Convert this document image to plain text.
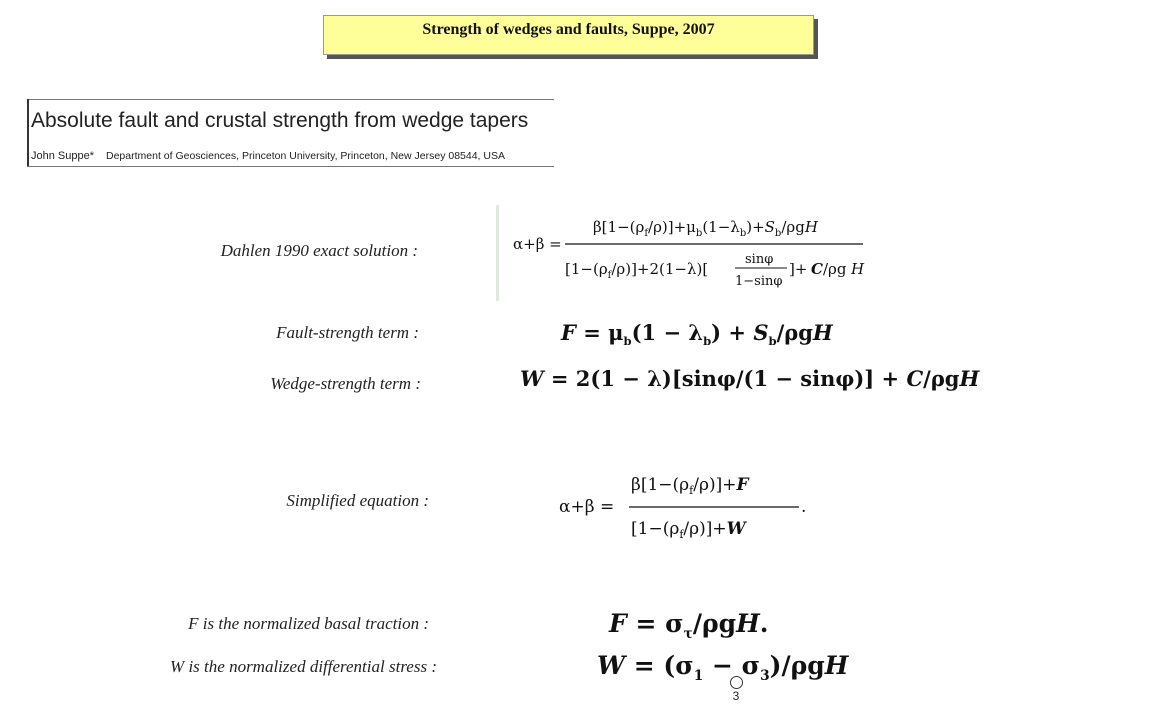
Strength of wedges and faults, Suppe, 2007
Absolute fault and crustal strength from wedge tapers
John Suppe* Department of Geosciences, Princeton University, Princeton, New Jersey 08544, USA
Dahlen 1990 exact solution :	α+β =
$\beta[1-(\rho_f/\rho)]+\mu_b(1-\lambda_b)+S_b$/ρgH
$[1-(\rho_f/\rho)]+2(1-\lambda)$[
sinφ
1−sinφ
]+ C /ρg H
Fault-strength term :	$F = \mu_b(1 - \lambda_b) + S_b/\rho gH$
Wedge-strength term :	W = 2(1 − λ)[sinφ/(1 − sinφ)] + C/ρgH
Simplified equation :	α+β =
$\beta[1-(\rho_f/\rho)]+F$
$[1-(\rho_f/\rho)]+W$
.
F is the normalized basal traction :	$F = \sigma_\tau$/ρgH.
W is the normalized differential stress :	$W = (\sigma_1 - \sigma_3)/\rho gH$
3
